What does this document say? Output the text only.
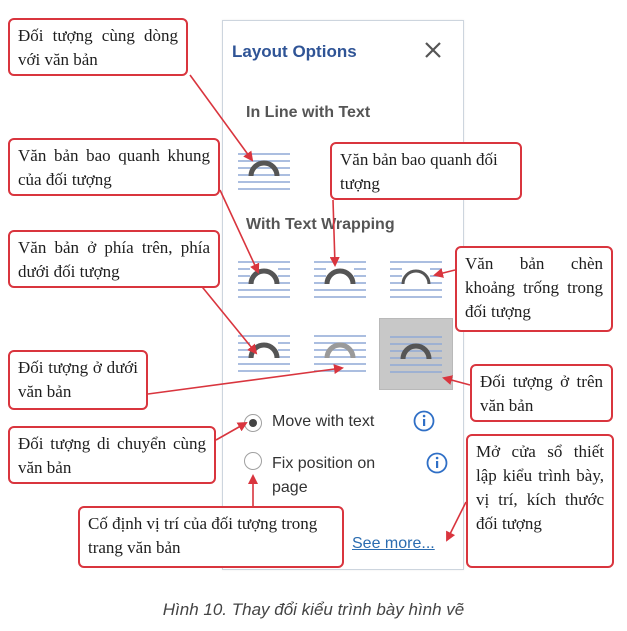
Layout Options
In Line with Text
With Text Wrapping
Move with text
Fix position on page
See more...
Đối tượng cùng dòng với văn bản
Văn bản bao quanh khung của đối tượng
Văn bản bao quanh đối tượng
Văn bản ở phía trên, phía dưới đối tượng	Văn bản chèn khoảng trống trong đối tượng
Đối tượng ở dưới văn bản
Đối tượng ở trên văn bản
Đối tượng di chuyển cùng văn bản
Mở cửa sổ thiết lập kiểu trình bày, vị trí, kích thước đối tượng
Cố định vị trí của đối tượng trong trang văn bản
Hình 10. Thay đổi kiểu trình bày hình vẽ
